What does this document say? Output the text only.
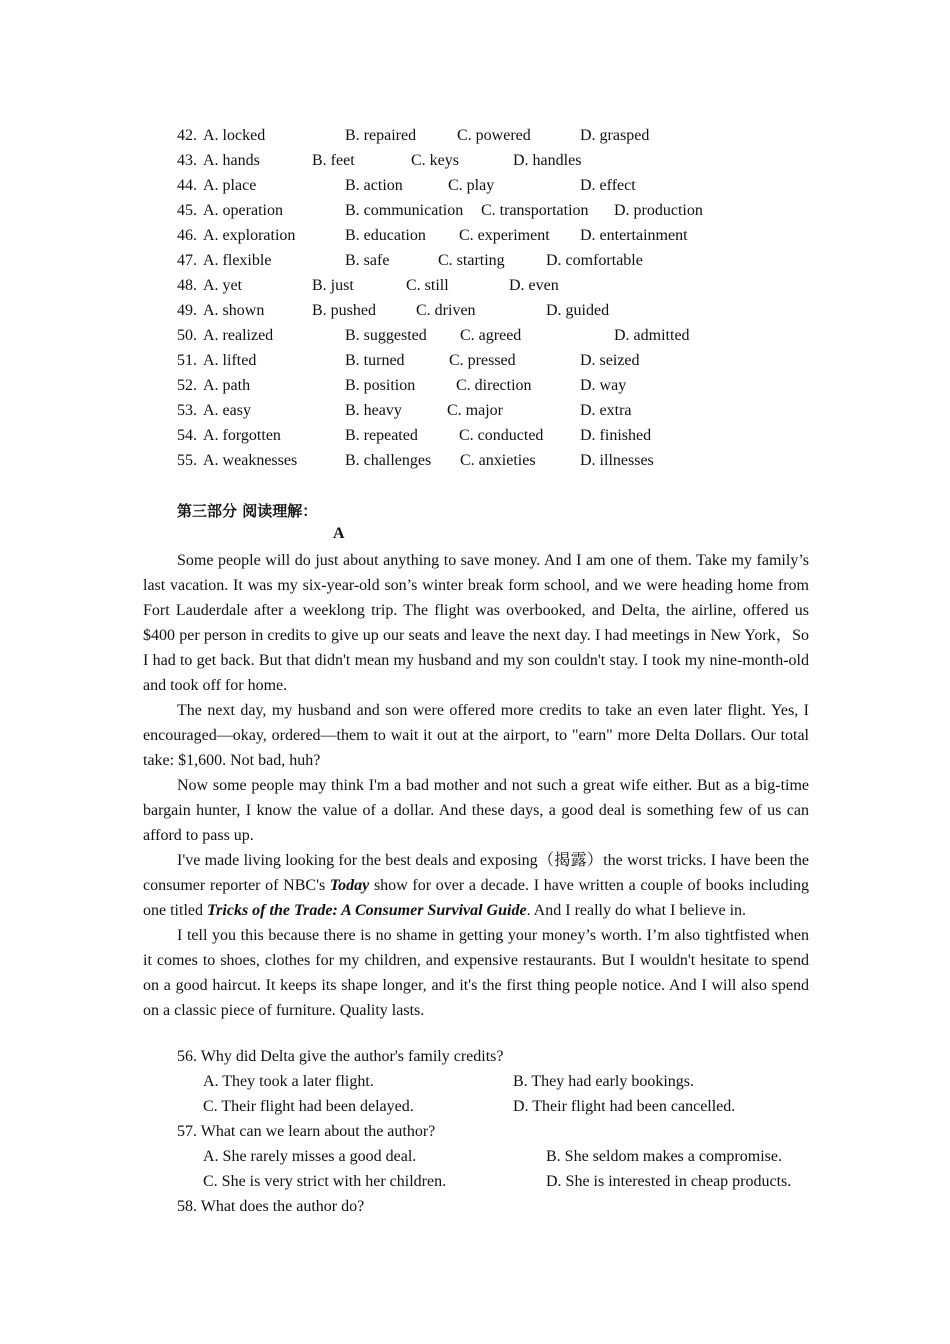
42. A. locked	B. repaired	C. powered	D. grasped
43. A. hands	B. feet	C. keys	D. handles
44. A. place	B. action	C. play	D. effect
45. A. operation	B. communication C. transportation D. production
46. A. exploration	B. education C. experiment D. entertainment
47. A. flexible	B. safe	C. starting	D. comfortable
48. A. yet	B. just	C. still	D. even
49. A. shown	B. pushed	C. driven	D. guided
50. A. realized	B. suggested C. agreed	D. admitted
51. A. lifted	B. turned	C. pressed	D. seized
52. A. path	B. position	C. direction	D. way
53. A. easy	B. heavy	C. major	D. extra
54. A. forgotten	B. repeated	C. conducted D. finished
55. A. weaknesses	B. challenges C. anxieties	D. illnesses
第三部分 阅读理解：
A

Some people will do just about anything to save money. And I am one of them. Take my family’s last vacation. It was my six-year-old son’s winter break form school, and we were heading home from Fort Lauderdale after a weeklong trip. The flight was overbooked, and Delta, the airline, offered us $400 per person in credits to give up our seats and leave the next day. I had meetings in New York，So I had to get back. But that didn't mean my husband and my son couldn't stay. I took my nine-month-old and took off for home.

The next day, my husband and son were offered more credits to take an even later flight. Yes, I encouraged—okay, ordered—them to wait it out at the airport, to "earn" more Delta Dollars. Our total take: $1,600. Not bad, huh?

Now some people may think I'm a bad mother and not such a great wife either. But as a big-time bargain hunter, I know the value of a dollar. And these days, a good deal is something few of us can afford to pass up.

I've made living looking for the best deals and exposing（揭露）the worst tricks. I have been the consumer reporter of NBC's Today show for over a decade. I have written a couple of books including one titled Tricks of the Trade: A Consumer Survival Guide. And I really do what I believe in.

I tell you this because there is no shame in getting your money’s worth. I’m also tightfisted when it comes to shoes, clothes for my children, and expensive restaurants. But I wouldn't hesitate to spend on a good haircut. It keeps its shape longer, and it's the first thing people notice. And I will also spend on a classic piece of furniture. Quality lasts.

56. Why did Delta give the author's family credits?
A. They took a later flight.	B. They had early bookings.
C. Their flight had been delayed.	D. Their flight had been cancelled.
57. What can we learn about the author?
A. She rarely misses a good deal.	B. She seldom makes a compromise.
C. She is very strict with her children.	D. She is interested in cheap products.
58. What does the author do?
